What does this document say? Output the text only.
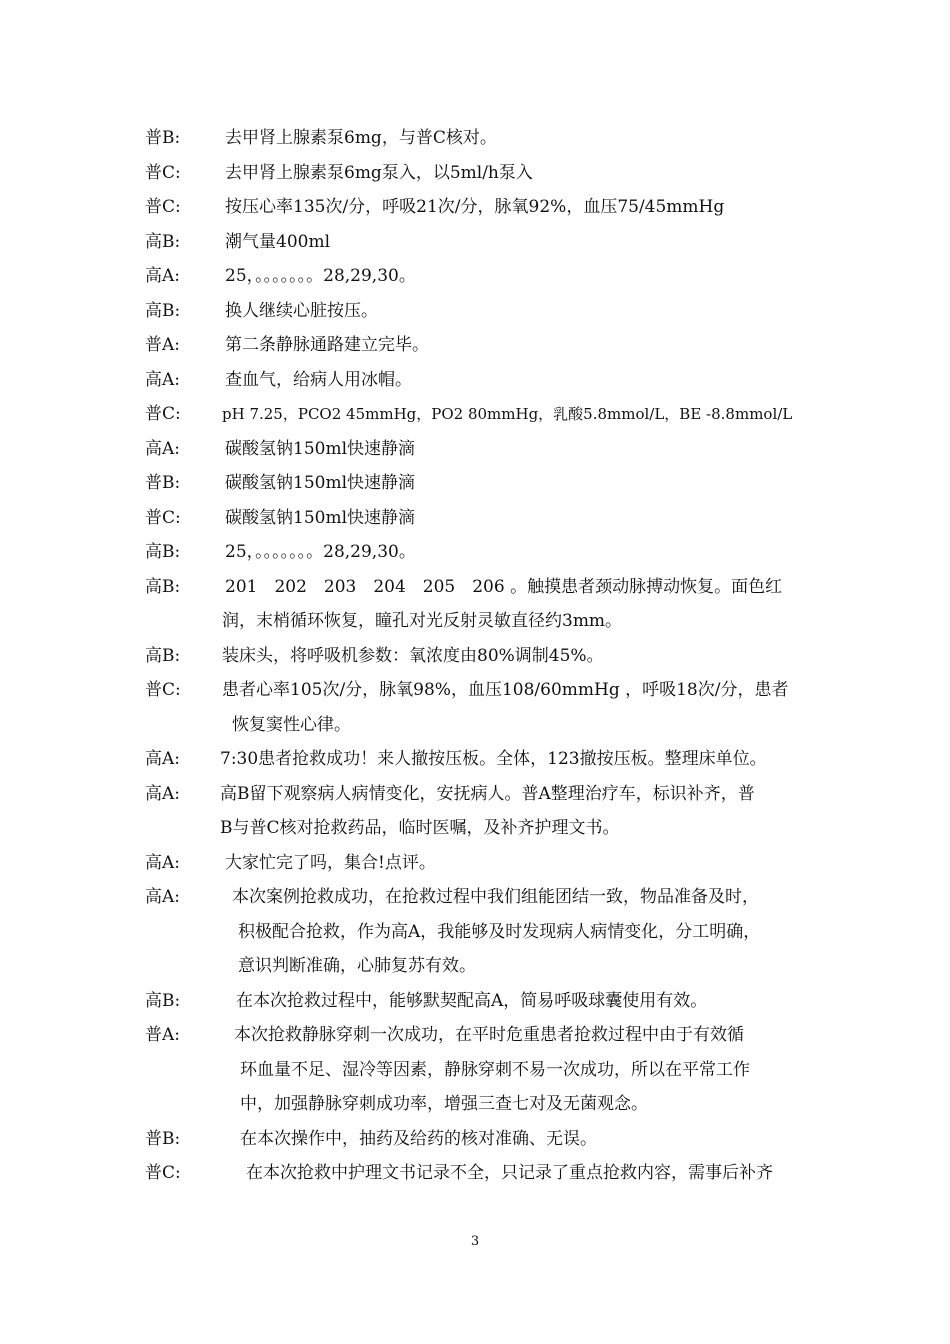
普B:	去甲肾上腺素泵6mg，与普C核对。
普C:	去甲肾上腺素泵6mg泵入，以5ml/h泵入
普C:	按压心率135次/分，呼吸21次/分，脉氧92%，血压75/45mmHg
高B:	潮气量400ml
高A:	25，。。。。。。。28,29,30。
高B:	换人继续心脏按压。
普A:	第二条静脉通路建立完毕。
高A:	查血气，给病人用冰帽。
普C:	pH 7.25，PCO2 45mmHg，PO2 80mmHg，乳酸5.8mmol/L，BE -8.8mmol/L
高A:	碳酸氢钠150ml快速静滴
普B:	碳酸氢钠150ml快速静滴
普C:	碳酸氢钠150ml快速静滴
高B:	25，。。。。。。。28,29,30。
高B:	201　202　203　204　205　206 。触摸患者颈动脉搏动恢复。面色红
润，末梢循环恢复，瞳孔对光反射灵敏直径约3mm。
高B: 装床头，将呼吸机参数：氧浓度由80%调制45%。
普C: 患者心率105次/分，脉氧98%，血压108/60mmHg ，呼吸18次/分，患者
恢复窦性心律。
高A: 7:30患者抢救成功！来人撤按压板。全体，123撤按压板。整理床单位。
高A: 高B留下观察病人病情变化，安抚病人。普A整理治疗车，标识补齐，普
B与普C核对抢救药品，临时医嘱，及补齐护理文书。
高A:	大家忙完了吗，集合!点评。
高A:	本次案例抢救成功，在抢救过程中我们组能团结一致，物品准备及时，
积极配合抢救，作为高A，我能够及时发现病人病情变化，分工明确，
意识判断准确，心肺复苏有效。
高B:	在本次抢救过程中，能够默契配高A，简易呼吸球囊使用有效。
普A:	本次抢救静脉穿刺一次成功，在平时危重患者抢救过程中由于有效循
环血量不足、湿冷等因素，静脉穿刺不易一次成功，所以在平常工作
中，加强静脉穿刺成功率，增强三查七对及无菌观念。
普B:	在本次操作中，抽药及给药的核对准确、无误。
普C:	在本次抢救中护理文书记录不全，只记录了重点抢救内容，需事后补齐
3
